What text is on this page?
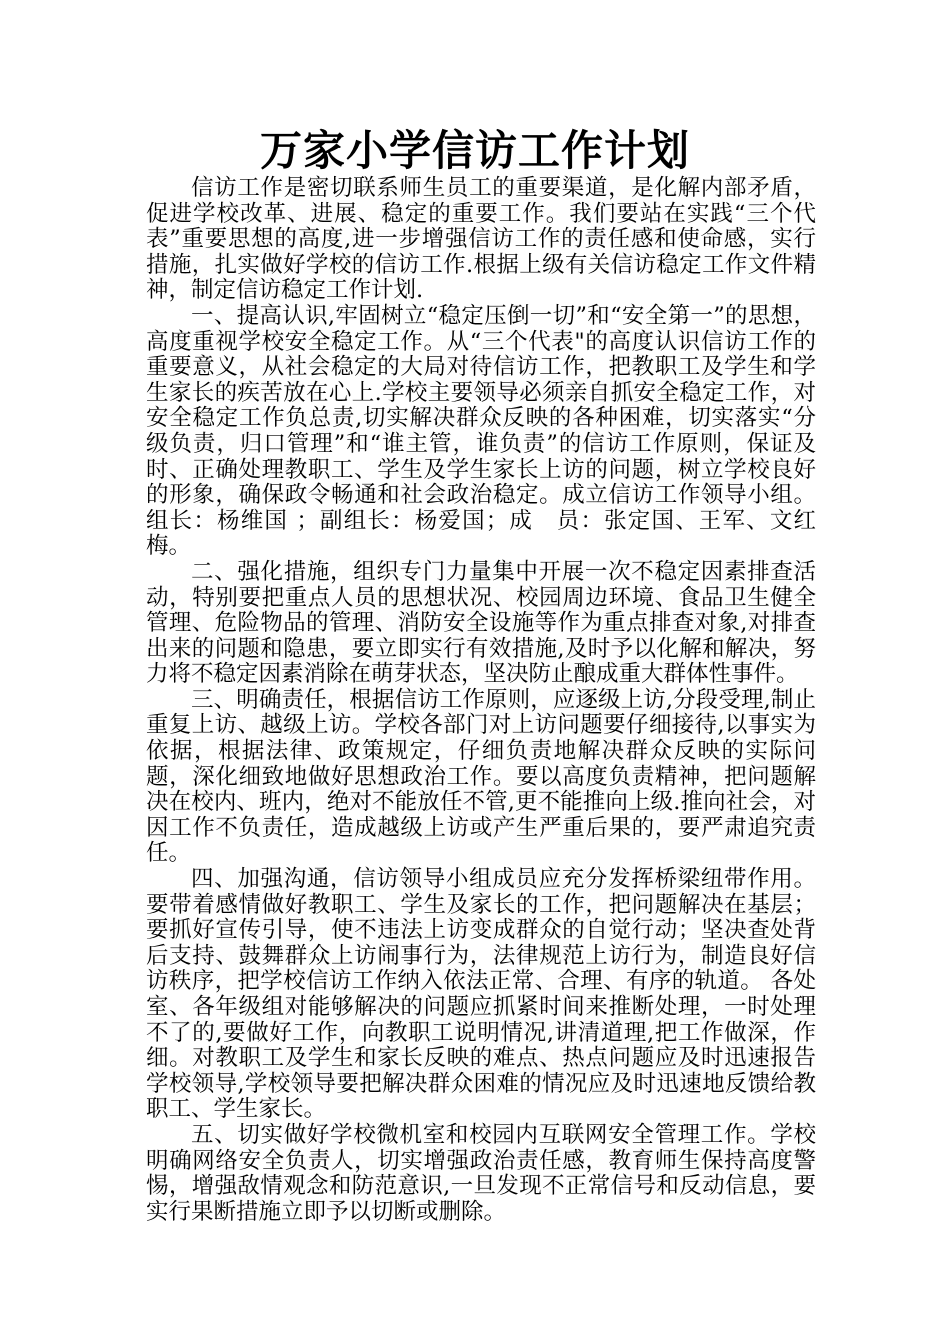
万家小学信访工作计划

信访工作是密切联系师生员工的重要渠道，是化解内部矛盾，促进学校改革、进展、稳定的重要工作。我们要站在实践“三个代表”重要思想的高度,进一步增强信访工作的责任感和使命感，实行措施，扎实做好学校的信访工作.根据上级有关信访稳定工作文件精神，制定信访稳定工作计划.

一、提高认识,牢固树立“稳定压倒一切”和“安全第一”的思想，高度重视学校安全稳定工作。从“三个代表"的高度认识信访工作的重要意义，从社会稳定的大局对待信访工作，把教职工及学生和学生家长的疾苦放在心上.学校主要领导必须亲自抓安全稳定工作，对安全稳定工作负总责,切实解决群众反映的各种困难，切实落实“分级负责，归口管理”和“谁主管，谁负责”的信访工作原则，保证及时、正确处理教职工、学生及学生家长上访的问题，树立学校良好的形象，确保政令畅通和社会政治稳定。成立信访工作领导小组。组长：杨维国 ；副组长：杨爱国；成　员：张定国、王军、文红梅。

二、强化措施，组织专门力量集中开展一次不稳定因素排查活动，特别要把重点人员的思想状况、校园周边环境、食品卫生健全管理、危险物品的管理、消防安全设施等作为重点排查对象,对排查出来的问题和隐患，要立即实行有效措施,及时予以化解和解决，努力将不稳定因素消除在萌芽状态，坚决防止酿成重大群体性事件。

三、明确责任，根据信访工作原则，应逐级上访,分段受理,制止重复上访、越级上访。学校各部门对上访问题要仔细接待,以事实为依据，根据法律、政策规定，仔细负责地解决群众反映的实际问题，深化细致地做好思想政治工作。要以高度负责精神，把问题解决在校内、班内，绝对不能放任不管,更不能推向上级.推向社会，对因工作不负责任，造成越级上访或产生严重后果的，要严肃追究责任。

四、加强沟通，信访领导小组成员应充分发挥桥梁纽带作用。要带着感情做好教职工、学生及家长的工作，把问题解决在基层；要抓好宣传引导，使不违法上访变成群众的自觉行动；坚决查处背后支持、鼓舞群众上访闹事行为，法律规范上访行为，制造良好信访秩序，把学校信访工作纳入依法正常、合理、有序的轨道。 各处室、各年级组对能够解决的问题应抓紧时间来推断处理，一时处理不了的,要做好工作，向教职工说明情况,讲清道理,把工作做深，作细。对教职工及学生和家长反映的难点、热点问题应及时迅速报告学校领导,学校领导要把解决群众困难的情况应及时迅速地反馈给教职工、学生家长。

五、切实做好学校微机室和校园内互联网安全管理工作。学校明确网络安全负责人，切实增强政治责任感，教育师生保持高度警惕，增强敌情观念和防范意识,一旦发现不正常信号和反动信息，要实行果断措施立即予以切断或删除。
